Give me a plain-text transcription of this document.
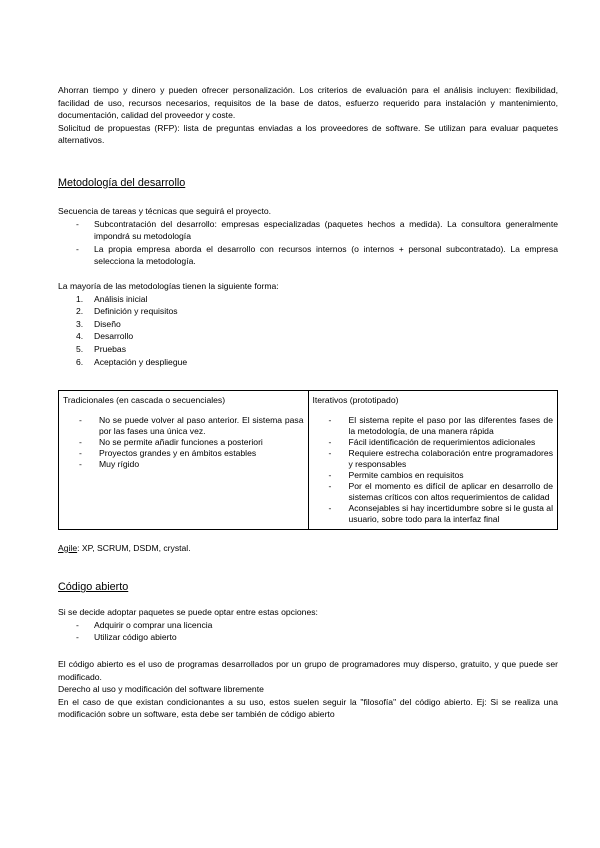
Ahorran tiempo y dinero y pueden ofrecer personalización. Los criterios de evaluación para el análisis incluyen: flexibilidad, facilidad de uso, recursos necesarios, requisitos de la base de datos, esfuerzo requerido para instalación y mantenimiento, documentación, calidad del proveedor y coste.

Solicitud de propuestas (RFP): lista de preguntas enviadas a los proveedores de software. Se utilizan para evaluar paquetes alternativos.

Metodología del desarrollo

Secuencia de tareas y técnicas que seguirá el proyecto.

- Subcontratación del desarrollo: empresas especializadas (paquetes hechos a medida). La consultora generalmente impondrá su metodología
- La propia empresa aborda el desarrollo con recursos internos (o internos + personal subcontratado). La empresa selecciona la metodología.

La mayoría de las metodologías tienen la siguiente forma:

1. Análisis inicial
2. Definición y requisitos
3. Diseño
4. Desarrollo
5. Pruebas
6. Aceptación y despliegue
Tradicionales (en cascada o secuenciales)
- No se puede volver al paso anterior. El sistema pasa por las fases una única vez.
- No se permite añadir funciones a posteriori
- Proyectos grandes y en ámbitos estables
- Muy rígido

Iterativos (prototipado)
- El sistema repite el paso por las diferentes fases de la metodología, de una manera rápida
- Fácil identificación de requerimientos adicionales
- Requiere estrecha colaboración entre programadores y responsables
- Permite cambios en requisitos
- Por el momento es difícil de aplicar en desarrollo de sistemas críticos con altos requerimientos de calidad
- Aconsejables si hay incertidumbre sobre si le gusta al usuario, sobre todo para la interfaz final

Agile: XP, SCRUM, DSDM, crystal.

Código abierto

Si se decide adoptar paquetes se puede optar entre estas opciones:

- Adquirir o comprar una licencia
- Utilizar código abierto

El código abierto es el uso de programas desarrollados por un grupo de programadores muy disperso, gratuito, y que puede ser modificado.

Derecho al uso y modificación del software libremente

En el caso de que existan condicionantes a su uso, estos suelen seguir la "filosofía" del código abierto. Ej: Si se realiza una modificación sobre un software, esta debe ser también de código abierto
